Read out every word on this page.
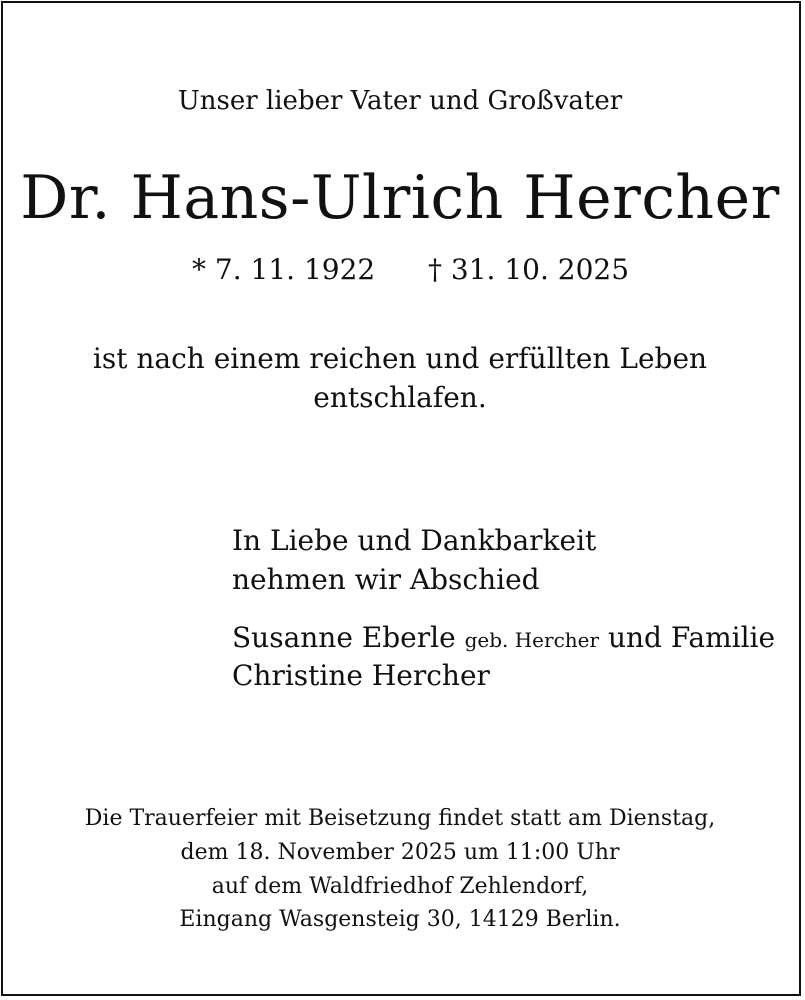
Unser lieber Vater und Großvater
Dr. Hans-Ulrich Hercher
* 7. 11. 1922 † 31. 10. 2025
ist nach einem reichen und erfüllten Leben
entschlafen.
In Liebe und Dankbarkeit
nehmen wir Abschied
Susanne Eberle geb. Hercher und Familie
Christine Hercher
Die Trauerfeier mit Beisetzung findet statt am Dienstag,
dem 18. November 2025 um 11:00 Uhr
auf dem Waldfriedhof Zehlendorf,
Eingang Wasgensteig 30, 14129 Berlin.
